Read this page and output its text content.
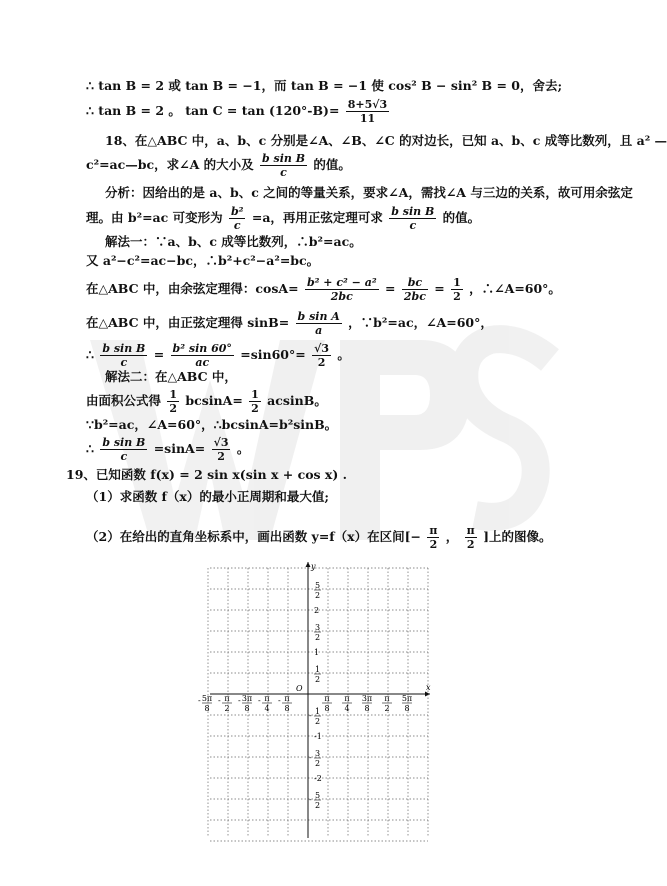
∴ tan B = 2 或 tan B = −1，而 tan B = −1 使 cos² B − sin² B = 0，舍去;
∴ tan B = 2 。 $\tan C = \tan (120^\circ-B)= \frac{8+5√3}{11}$
18、在△ABC 中，a、b、c 分别是∠A、∠B、∠C 的对边长，已知 a、b、c 成等比数列，且 a² —
c²=ac—bc，求∠A 的大小及 $\frac{\text{b sin B}}{c}$ 的值。
分析：因给出的是 a、b、c 之间的等量关系，要求∠A，需找∠A 与三边的关系，故可用余弦定
理。由 b²=ac 可变形为 $\frac{\text{b²}}{c} =a$，再用正弦定理可求 $\frac{\text{b sin B}}{c}$ 的值。
解法一：∵a、b、c 成等比数列，∴b²=ac。
又 a²−c²=ac−bc，∴b²+c²−a²=bc。
在△ABC 中，由余弦定理得：$\cos A= \frac{\text{b² + c² − a²}}{2bc} = \frac{bc}{2bc} = \frac{1}{2}$ ，∴∠A=60°。
在△ABC 中，由正弦定理得 $\sin B= \frac{\text{b sin A}}{a}$ ，∵b²=ac，∠A=60°，
∴ $\frac{\text{b sin B}}{c} = \frac{\text{b² sin 60°}}{ac} =\sin 60^\circ= \frac{√3}{2}$ 。
解法二：在△ABC 中，
由面积公式得 $\frac{1}{2} bcsinA= \frac{1}{2}$ acsinB。
∵b²=ac，∠A=60°，∴bcsinA=b²sinB。
∴ $\frac{\text{b sin B}}{c} =\sin A= \frac{√3}{2}$ 。
19、已知函数 f(x) = 2 sin x(sin x + cos x) .
（1）求函数 f（x）的最小正周期和最大值;
（2）在给出的直角坐标系中，画出函数 y=f（x）在区间[− $\frac{\pi}{2}$ ， $\frac{\pi}{2}$ ]上的图像。
x
y
O
- 5π
8
- π
2
- 3π
8
- π
4
- π
8
π
8
π
4
3π
8
π
2
5π
8
5
2
2
3
2
1
1
2
- 1
2
-1
- 3
2
-2
- 5
2
